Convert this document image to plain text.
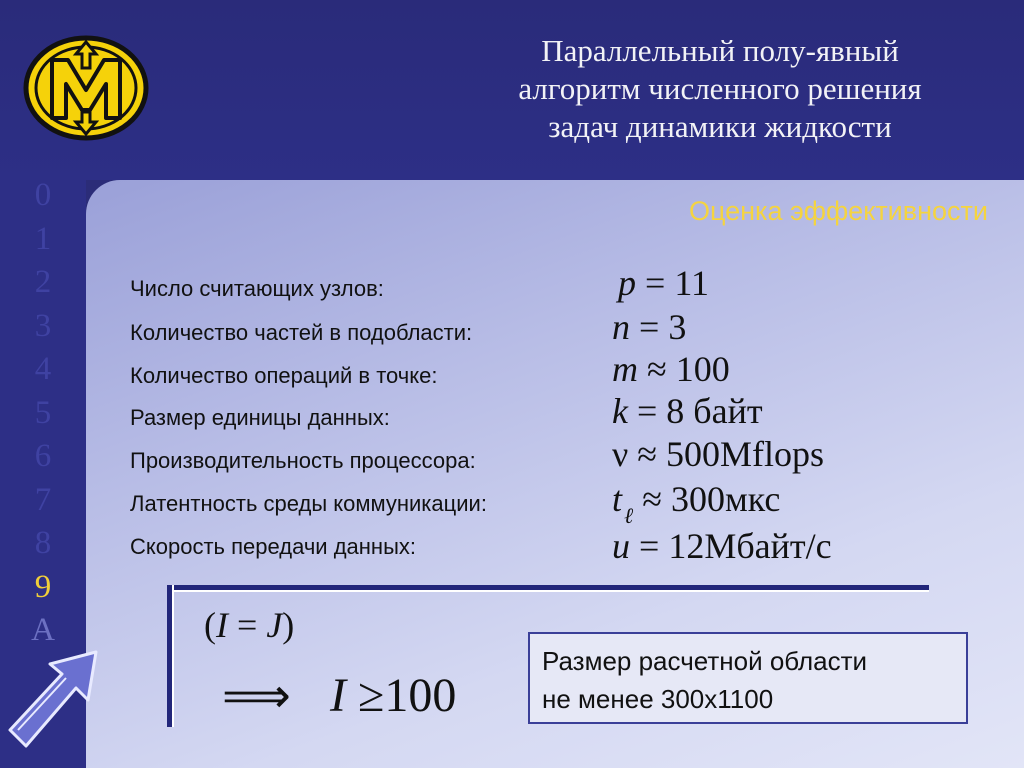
Параллельный полу-явный
алгоритм численного решения
задач динамики жидкости
0
1
2
3
4
5
6
7
8
9
A
Оценка эффективности
Число считающих узлов:
Количество частей в подобласти:
Количество операций в точке:
Размер единицы данных:
Производительность процессора:
Латентность среды коммуникации:
Скорость передачи данных:
p = 11
n = 3
m ≈ 100
k = 8 байт
ν ≈ 500Mflops
$t_\ell \approx 300мкс$
u = 12Мбайт/с
(I = J)
⟹ I ≥100
Размер расчетной области
не менее 300х1100
